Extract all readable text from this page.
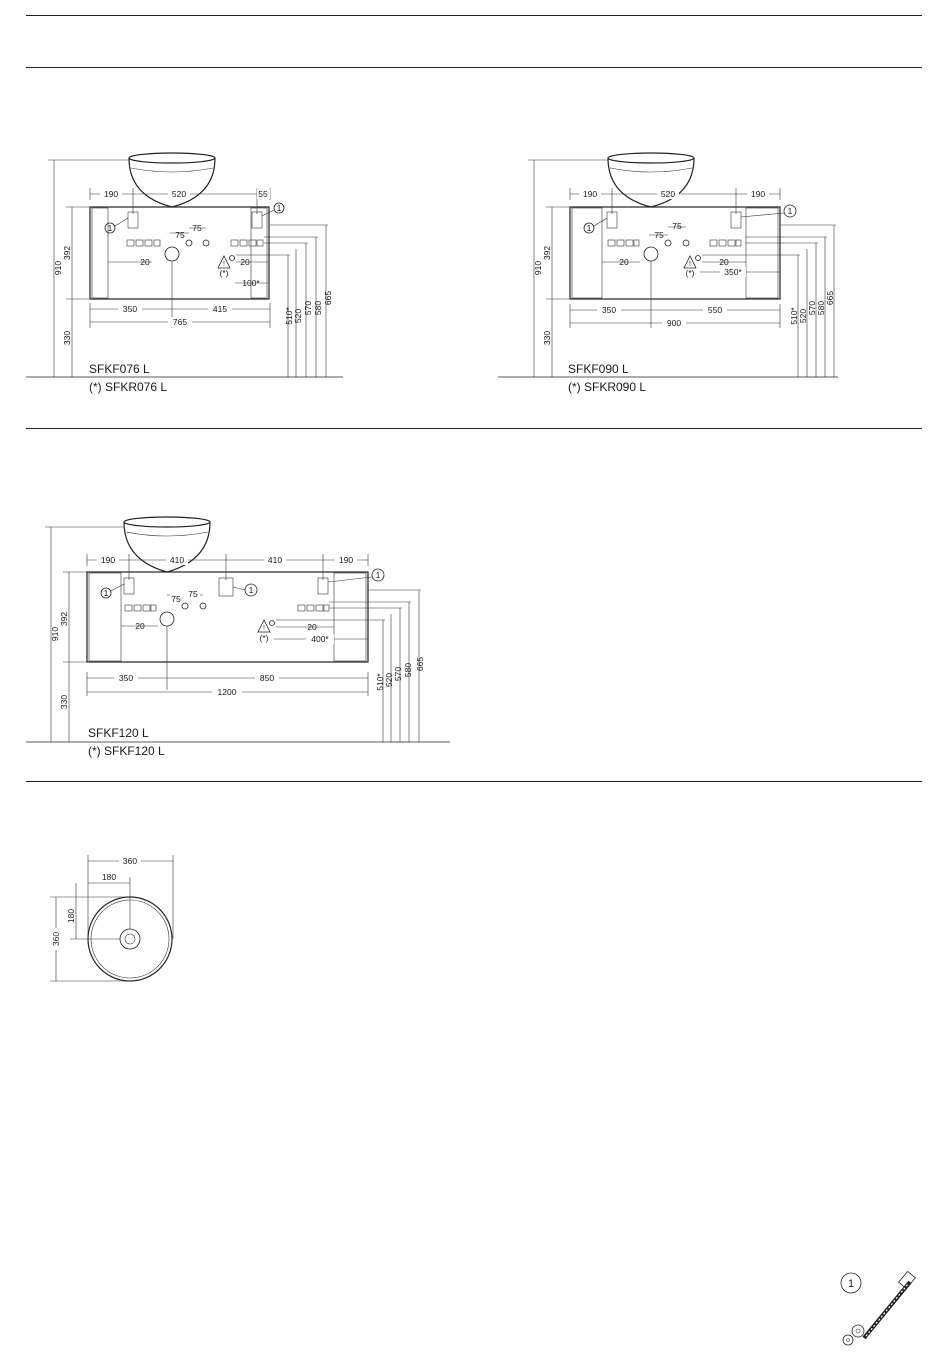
1
1
75
75
!
(*)
20	20
100*
190	520	55
350	415
765
910
392
330
510* 520
570 580
665
SFKF076 L
(*) SFKR076 L
1
1
75
75
!
(*)
20	20
350*
190	520	190
350	550
900
910
392
330
510* 520
570 580
665
SFKF090 L
(*) SFKR090 L
1	1
1
75 75
!
(*)
20	20
400*
190	410	410	190
350	850
1200
910
392
330
510* 520 570 580 665
SFKF120 L
(*) SFKF120 L
360
180
360
180
1
